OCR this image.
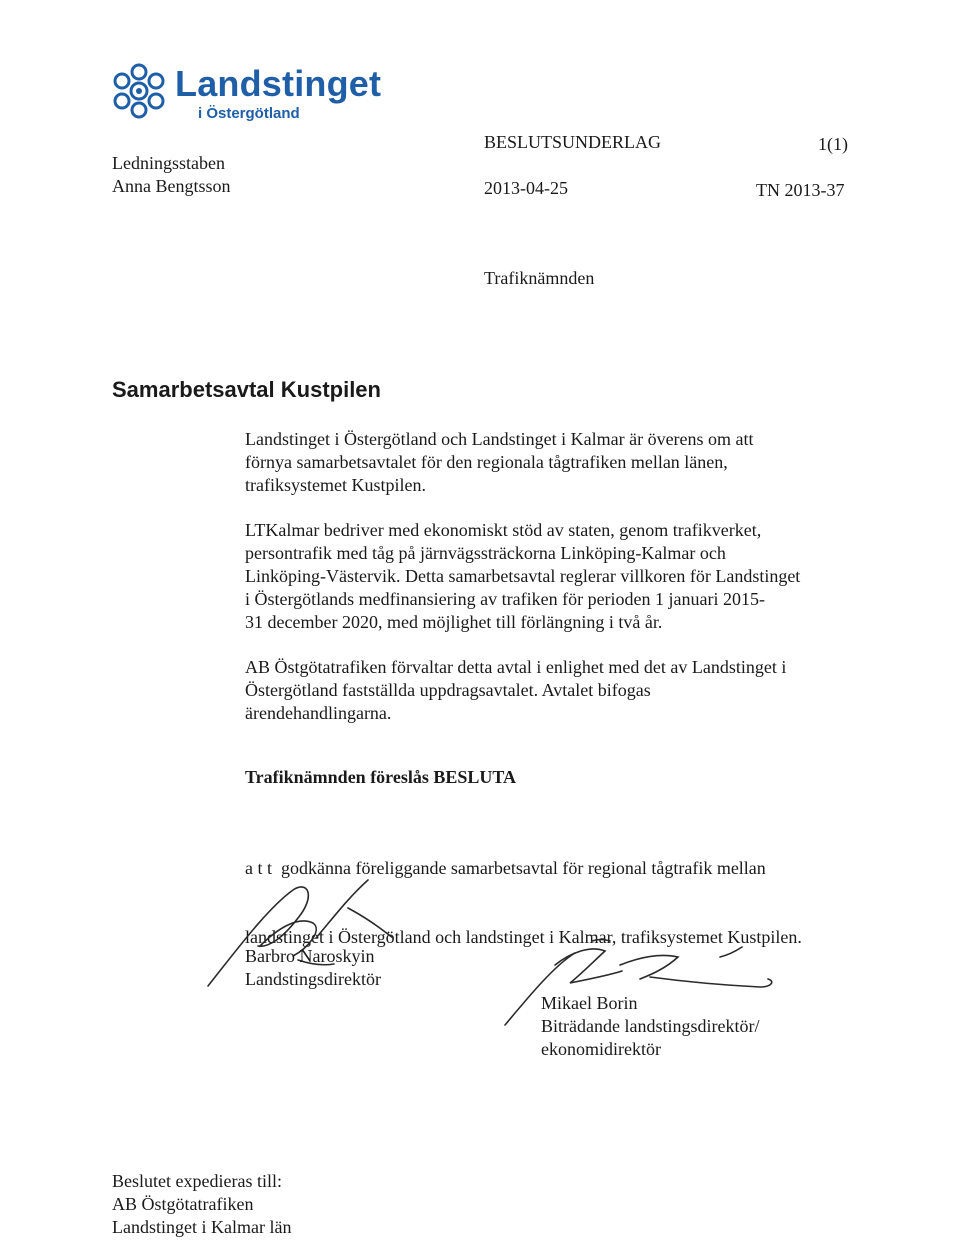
Landstinget
i Östergötland
Ledningsstaben
Anna Bengtsson
BESLUTSUNDERLAG	1(1)
2013-04-25	TN 2013-37
Trafiknämnden
Samarbetsavtal Kustpilen

Landstinget i Östergötland och Landstinget i Kalmar är överens om att

förnya samarbetsavtalet för den regionala tågtrafiken mellan länen,

trafiksystemet Kustpilen.

LTKalmar bedriver med ekonomiskt stöd av staten, genom trafikverket,

persontrafik med tåg på järnvägssträckorna Linköping-Kalmar och

Linköping-Västervik. Detta samarbetsavtal reglerar villkoren för Landstinget

i Östergötlands medfinansiering av trafiken för perioden 1 januari 2015-

31 december 2020, med möjlighet till förlängning i två år.

AB Östgötatrafiken förvaltar detta avtal i enlighet med det av Landstinget i

Östergötland fastställda uppdragsavtalet. Avtalet bifogas

ärendehandlingarna.

Trafiknämnden föreslås BESLUTA

a t t  godkänna föreliggande samarbetsavtal för regional tågtrafik mellan

landstinget i Östergötland och landstinget i Kalmar, trafiksystemet Kustpilen.

Barbro Naroskyin
Landstingsdirektör
Mikael Borin
Biträdande landstingsdirektör/
ekonomidirektör
Beslutet expedieras till:
AB Östgötatrafiken
Landstinget i Kalmar län
